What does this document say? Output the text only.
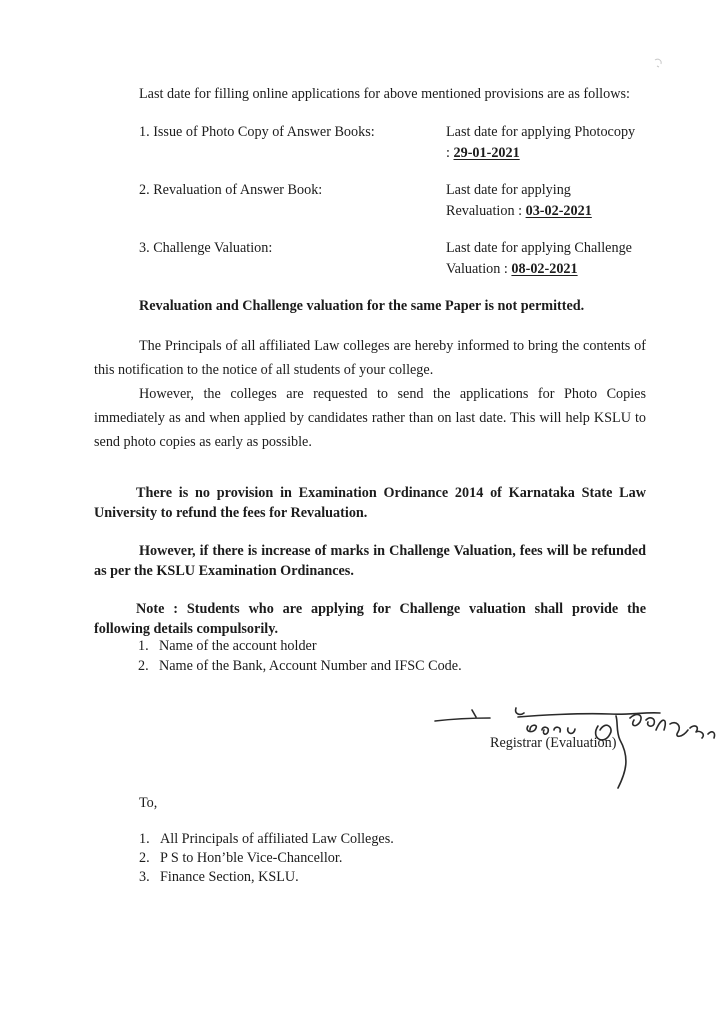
Last date for filling online applications for above mentioned provisions are as follows:

1. Issue of Photo Copy of Answer Books:	Last date for applying Photocopy
: 29-01-2021

2. Revaluation of Answer Book:	Last date for applying
Revaluation : 03-02-2021

3. Challenge Valuation:	Last date for applying Challenge
Valuation : 08-02-2021

Revaluation and Challenge valuation for the same Paper is not permitted.

The Principals of all affiliated Law colleges are hereby informed to bring the contents of this notification to the notice of all students of your college.

However, the colleges are requested to send the applications for Photo Copies immediately as and when applied by candidates rather than on last date. This will help KSLU to send photo copies as early as possible.

There is no provision in Examination Ordinance 2014 of Karnataka State Law University to refund the fees for Revaluation.

However, if there is increase of marks in Challenge Valuation, fees will be refunded as per the KSLU Examination Ordinances.

Note : Students who are applying for Challenge valuation shall provide the following details compulsorily.

1. Name of the account holder
2. Name of the Bank, Account Number and IFSC Code.

Registrar (Evaluation)

To,

1. All Principals of affiliated Law Colleges.
2. P S to Hon’ble Vice-Chancellor.
3. Finance Section, KSLU.
